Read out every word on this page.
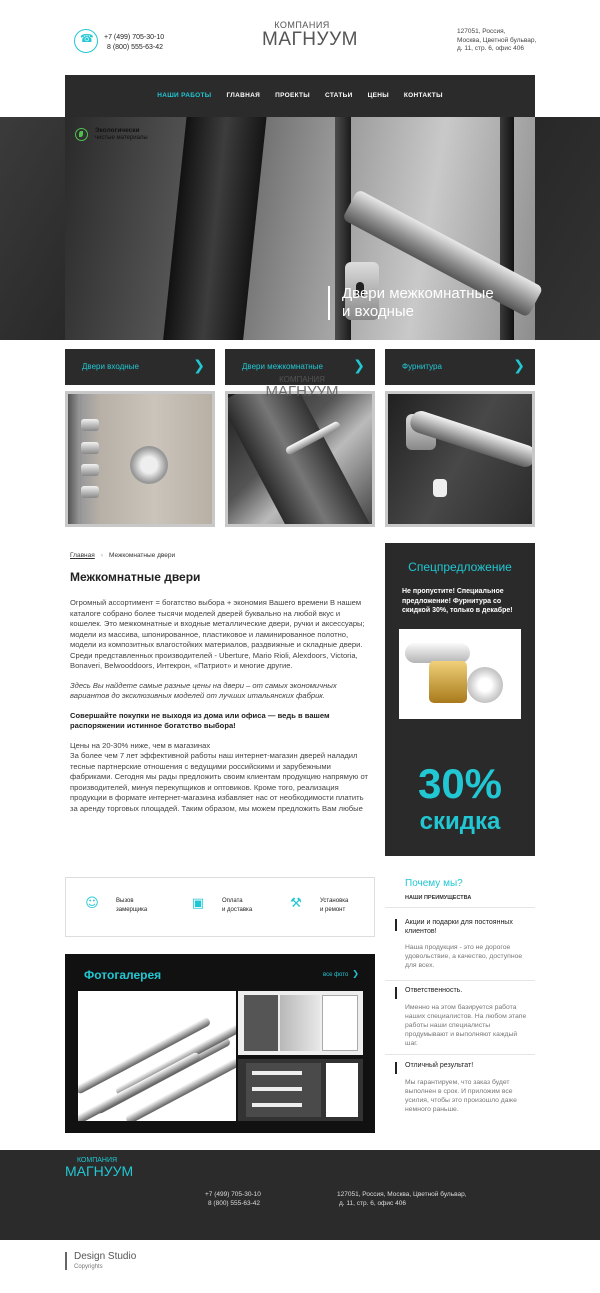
☎
+7 (499) 705-30-10
8 (800) 555-63-42
КОМПАНИЯ
МАГНУУМ	127051, Россия,
Москва, Цветной бульвар,
д. 11, стр. 6, офис 406
НАШИ РАБОТЫ ГЛАВНАЯ ПРОЕКТЫ СТАТЬИ ЦЕНЫ КОНТАКТЫ
Экологически
чистые материалы
Двери межкомнатные
и входные
Двери входные	❯	Двери межкомнатные ❯	Фурнитура	❯
КОМПАНИЯ
МАГНУУМ
Главная › Межкомнатные двери
Межкомнатные двери

Огромный ассортимент = богатство выбора + экономия Вашего времени В нашем каталоге собрано более тысячи моделей дверей буквально на любой вкус и кошелек. Это межкомнатные и входные металлические двери, ручки и аксессуары; модели из массива, шпонированное, пластиковое и ламинированное полотно, модели из композитных влагостойких материалов, раздвижные и складные двери. Среди представленных производителей - Uberture, Mario Rioli, Alexdoors, Victoria, Bonaveri, Belwooddoors, Интекрон, «Патриот» и многие другие.

Здесь Вы найдете самые разные цены на двери – от самых экономичных вариантов до эксклюзивных моделей от лучших итальянских фабрик.

Совершайте покупки не выходя из дома или офиса — ведь в вашем распоряжении истинное богатство выбора!

Цены на 20-30% ниже, чем в магазинах
За более чем 7 лет эффективной работы наш интернет-магазин дверей наладил тесные партнерские отношения с ведущими российскими и зарубежными фабриками. Сегодня мы рады предложить своим клиентам продукцию напрямую от производителей, минуя перекупщиков и оптовиков. Кроме того, реализация продукции в формате интернет-магазина избавляет нас от необходимости платить за аренду торговых площадей. Таким образом, мы можем предложить Вам любые
Спецпредложение
Не пропустите! Специальное предложение! Фурнитура со скидкой 30%, только в декабре!
30%
скидка
☺	Вызов
замерщика	▣	Оплата
и доставка	⚒	Установка
и ремонт
Фотогалерея	все фото ❯
Почему мы?
НАШИ ПРЕИМУЩЕСТВА
Акции и подарки для постоянных клиентов!
Наша продукция - это не дорогое удовольствие, а качество, доступное для всех.
Ответственность.
Именно на этом базируется работа наших специалистов. На любом этапе работы наши специалисты продумывают и выполняют каждый шаг.
Отличный результат!
Мы гарантируем, что заказ будет выполнен в срок. И приложим все усилия, чтобы это произошло даже немного раньше.
КОМПАНИЯ
МАГНУУМ
+7 (499) 705-30-10
8 (800) 555-63-42
127051, Россия, Москва, Цветной бульвар,
д. 11, стр. 6, офис 406
Design Studio
Copyrights
